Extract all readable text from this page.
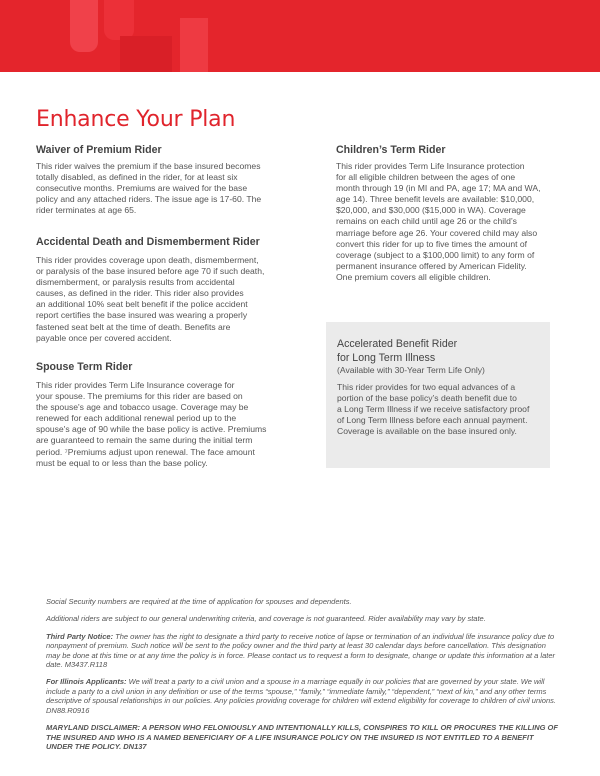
Enhance Your Plan
Waiver of Premium Rider

This rider waives the premium if the base insured becomes
totally disabled, as defined in the rider, for at least six
consecutive months. Premiums are waived for the base
policy and any attached riders. The issue age is 17-60. The
rider terminates at age 65.

Accidental Death and Dismemberment Rider

This rider provides coverage upon death, dismemberment,
or paralysis of the base insured before age 70 if such death,
dismemberment, or paralysis results from accidental
causes, as defined in the rider. This rider also provides
an additional 10% seat belt benefit if the police accident
report certifies the base insured was wearing a properly
fastened seat belt at the time of death. Benefits are
payable once per covered accident.

Spouse Term Rider

This rider provides Term Life Insurance coverage for
your spouse. The premiums for this rider are based on
the spouse's age and tobacco usage. Coverage may be
renewed for each additional renewal period up to the
spouse's age of 90 while the base policy is active. Premiums
are guaranteed to remain the same during the initial term
period. ⁷Premiums adjust upon renewal. The face amount
must be equal to or less than the base policy.

Children’s Term Rider

This rider provides Term Life Insurance protection
for all eligible children between the ages of one
month through 19 (in MI and PA, age 17; MA and WA,
age 14). Three benefit levels are available: $10,000,
$20,000, and $30,000 ($15,000 in WA). Coverage
remains on each child until age 26 or the child’s
marriage before age 26. Your covered child may also
convert this rider for up to five times the amount of
coverage (subject to a $100,000 limit) to any form of
permanent insurance offered by American Fidelity.
One premium covers all eligible children.

Accelerated Benefit Rider
for Long Term Illness

(Available with 30-Year Term Life Only)

This rider provides for two equal advances of a
portion of the base policy’s death benefit due to
a Long Term Illness if we receive satisfactory proof
of Long Term Illness before each annual payment.
Coverage is available on the base insured only.

Social Security numbers are required at the time of application for spouses and dependents.

Additional riders are subject to our general underwriting criteria, and coverage is not guaranteed. Rider availability may vary by state.

Third Party Notice: The owner has the right to designate a third party to receive notice of lapse or termination of an individual life insurance policy due to nonpayment of premium. Such notice will be sent to the policy owner and the third party at least 30 calendar days before cancellation. This designation may be done at this time or at any time the policy is in force. Please contact us to request a form to designate, change or update this information at a later date. M3437.R118

For Illinois Applicants: We will treat a party to a civil union and a spouse in a marriage equally in our policies that are governed by your state. We will include a party to a civil union in any definition or use of the terms “spouse,” “family,” “immediate family,” “dependent,” “next of kin,” and any other terms descriptive of spousal relationships in our policies. Any policies providing coverage for children will extend eligibility for coverage to children of civil unions. DN88.R0916

MARYLAND DISCLAIMER: A PERSON WHO FELONIOUSLY AND INTENTIONALLY KILLS, CONSPIRES TO KILL OR PROCURES THE KILLING OF THE INSURED AND WHO IS A NAMED BENEFICIARY OF A LIFE INSURANCE POLICY ON THE INSURED IS NOT ENTITLED TO A BENEFIT UNDER THE POLICY. DN137
